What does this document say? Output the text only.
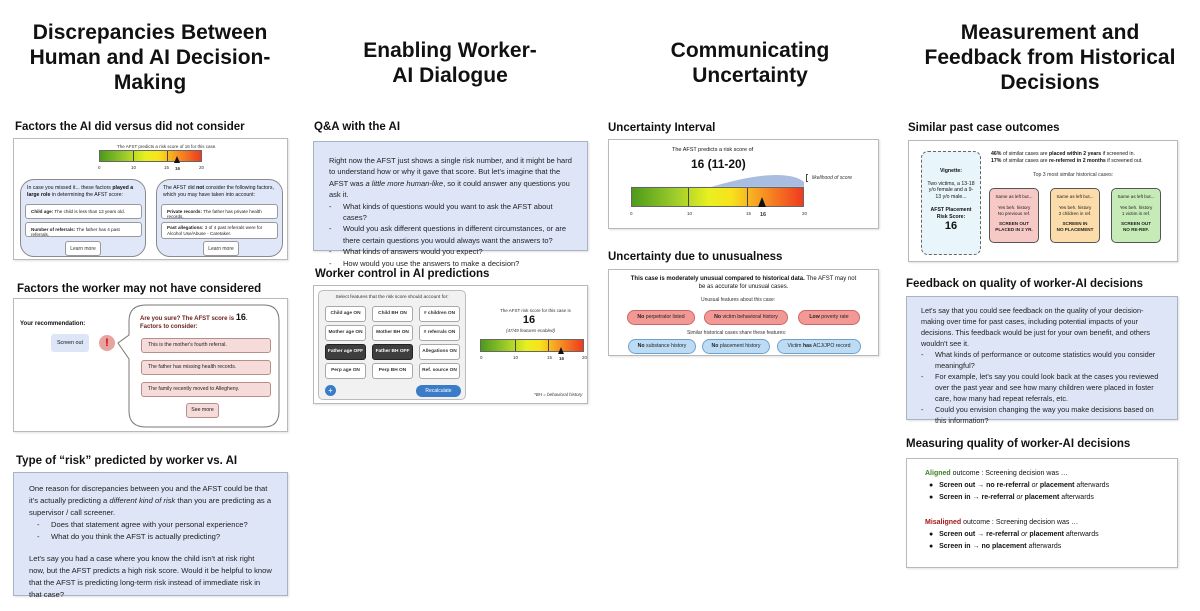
Discrepancies Between Human and AI Decision-Making
Factors the AI did versus did not consider
The AFST predicts a risk score of 16 for this case.
0	10	15 16	20
In case you missed it... these factors played a large role in determining the AFST score:
Child age: The child is less than 13 years old.
Number of referrals: The father has 4 past referrals.
Learn more
The AFST did not consider the following factors, which you may have taken into account:
Private records: The father has private health records.
Past allegations: 3 of 4 past referrals were for Alcohol Use/Abuse - Caretaker.
Learn more
Factors the worker may not have considered
Your recommendation:
Screen out	!
Are you sure? The AFST score is 16.
Factors to consider:
This is the mother's fourth referral.
The father has missing health records.
The family recently moved to Allegheny.
See more
Type of “risk” predicted by worker vs. AI

One reason for discrepancies between you and the AFST could be that it's actually predicting a different kind of risk than you are predicting as a supervisor / call screener.

- Does that statement agree with your personal experience?
- What do you think the AFST is actually predicting?

Let's say you had a case where you know the child isn't at risk right now, but the AFST predicts a high risk score. Would it be helpful to know that the AFST is predicting long-term risk instead of immediate risk in that case?

Enabling Worker-AI Dialogue
Q&A with the AI

Right now the AFST just shows a single risk number, and it might be hard to understand how or why it gave that score. But let's imagine that the AFST was a little more human-like, so it could answer any questions you ask it.

- What kinds of questions would you want to ask the AFST about cases?
- Would you ask different questions in different circumstances, or are there certain questions you would always want the answers to?
- What kinds of answers would you expect?
- How would you use the answers to make a decision?
Worker control in AI predictions
Select features that the risk score should account for:
Child age ON	Child BH ON	# children ON
Mother age ON	Mother BH ON	# referrals ON
Father age OFF	Father BH OFF	Allegations ON
Perp age ON	Perp BH ON	Ref. source ON
+	Recalculate
The AFST risk score for this case is
16
(47/49 features enabled)
0	10	15 16	20
*BH = behavioral history
Communicating Uncertainty
Uncertainty Interval
The AFST predicts a risk score of
16 (11-20)
likelihood of score
0	10	15 16	20
Uncertainty due to unusualness
This case is moderately unusual compared to historical data. The AFST may not be as accurate for unusual cases.
Unusual features about this case:
No perpetrator listed	No victim behavioral history	Low poverty rate
Similar historical cases share these features:
No substance history	No placement history	Victim has ACJ/JPO record
Measurement and Feedback from Historical Decisions
Similar past case outcomes
Vignette:
Two victims, a 13-18 y/o female and a 9-13 y/o male...
AFST Placement Risk Score:
16
46% of similar cases are placed within 2 years if screened in.
17% of similar cases are re-referred in 2 months if screened out.
Top 3 most similar historical cases:
Same as left but...
Yes beh. history
No previous ref.
SCREEN OUT
PLACED IN 2 YR.
Same as left but...
Yes beh. history
3 children in ref.
SCREEN IN
NO PLACEMENT
Same as left but...
Yes beh. history
1 victim in ref.
SCREEN OUT
NO RE-REF.
Feedback on quality of worker-AI decisions

Let's say that you could see feedback on the quality of your decision-making over time for past cases, including potential impacts of your decisions. This feedback would be just for your own benefit, and others wouldn't see it.

- What kinds of performance or outcome statistics would you consider meaningful?
- For example, let's say you could look back at the cases you reviewed over the past year and see how many children were placed in foster care, how many had repeat referrals, etc.
- Could you envision changing the way you make decisions based on this information?
Measuring quality of worker-AI decisions
Aligned outcome : Screening decision was …
●   Screen out → no re-referral or placement afterwards
●   Screen in → re-referral or placement afterwards
Misaligned outcome : Screening decision was …
●   Screen out → re-referral or placement afterwards
●   Screen in → no placement afterwards
